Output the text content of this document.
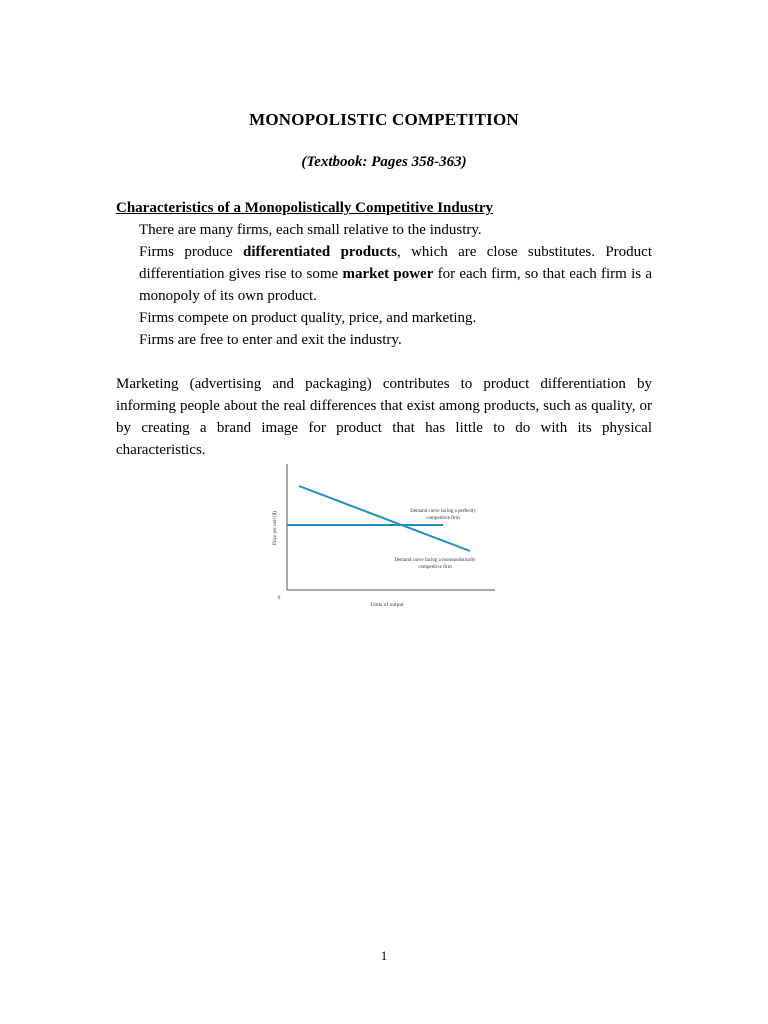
MONOPOLISTIC COMPETITION
(Textbook: Pages 358-363)
Characteristics of a Monopolistically Competitive Industry
There are many firms, each small relative to the industry.
Firms produce differentiated products, which are close substitutes. Product differentiation gives rise to some market power for each firm, so that each firm is a monopoly of its own product.
Firms compete on product quality, price, and marketing.
Firms are free to enter and exit the industry.

Marketing (advertising and packaging) contributes to product differentiation by informing people about the real differences that exist among products, such as quality, or by creating a brand image for product that has little to do with its physical characteristics.

Price per unit ($)
Units of output
0
Demand curve facing a perfectly
competitive firm
Demand curve facing a monopolistically
competitive firm
1
